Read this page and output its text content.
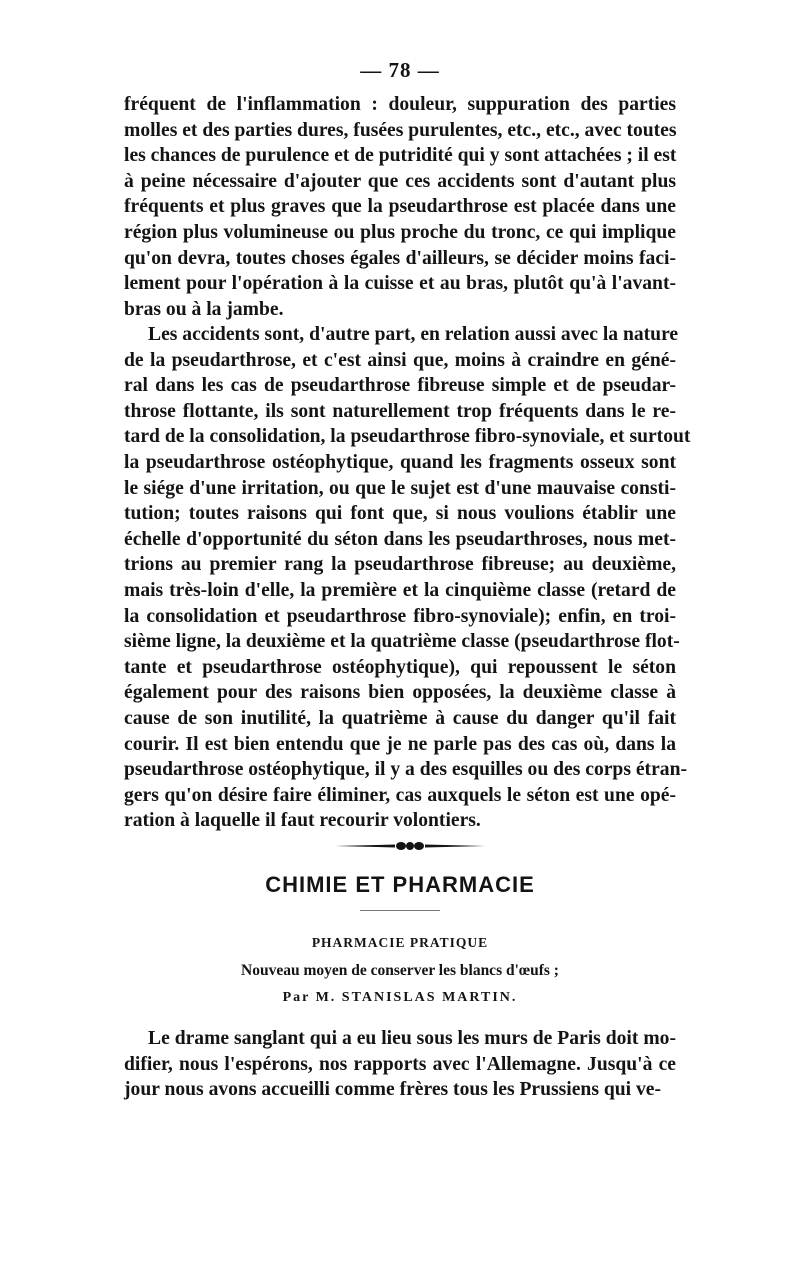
— 78 —
fréquent de l'inflammation : douleur, suppuration des parties
molles et des parties dures, fusées purulentes, etc., etc., avec toutes
les chances de purulence et de putridité qui y sont attachées ; il est
à peine nécessaire d'ajouter que ces accidents sont d'autant plus
fréquents et plus graves que la pseudarthrose est placée dans une
région plus volumineuse ou plus proche du tronc, ce qui implique
qu'on devra, toutes choses égales d'ailleurs, se décider moins faci-
lement pour l'opération à la cuisse et au bras, plutôt qu'à l'avant-
bras ou à la jambe.
Les accidents sont, d'autre part, en relation aussi avec la nature
de la pseudarthrose, et c'est ainsi que, moins à craindre en géné-
ral dans les cas de pseudarthrose fibreuse simple et de pseudar-
throse flottante, ils sont naturellement trop fréquents dans le re-
tard de la consolidation, la pseudarthrose fibro-synoviale, et surtout
la pseudarthrose ostéophytique, quand les fragments osseux sont
le siége d'une irritation, ou que le sujet est d'une mauvaise consti-
tution; toutes raisons qui font que, si nous voulions établir une
échelle d'opportunité du séton dans les pseudarthroses, nous met-
trions au premier rang la pseudarthrose fibreuse; au deuxième,
mais très-loin d'elle, la première et la cinquième classe (retard de
la consolidation et pseudarthrose fibro-synoviale); enfin, en troi-
sième ligne, la deuxième et la quatrième classe (pseudarthrose flot-
tante et pseudarthrose ostéophytique), qui repoussent le séton
également pour des raisons bien opposées, la deuxième classe à
cause de son inutilité, la quatrième à cause du danger qu'il fait
courir. Il est bien entendu que je ne parle pas des cas où, dans la
pseudarthrose ostéophytique, il y a des esquilles ou des corps étran-
gers qu'on désire faire éliminer, cas auxquels le séton est une opé-
ration à laquelle il faut recourir volontiers.
CHIMIE ET PHARMACIE
PHARMACIE PRATIQUE
Nouveau moyen de conserver les blancs d'œufs ;
Par M. STANISLAS MARTIN.
Le drame sanglant qui a eu lieu sous les murs de Paris doit mo-
difier, nous l'espérons, nos rapports avec l'Allemagne. Jusqu'à ce
jour nous avons accueilli comme frères tous les Prussiens qui ve-
